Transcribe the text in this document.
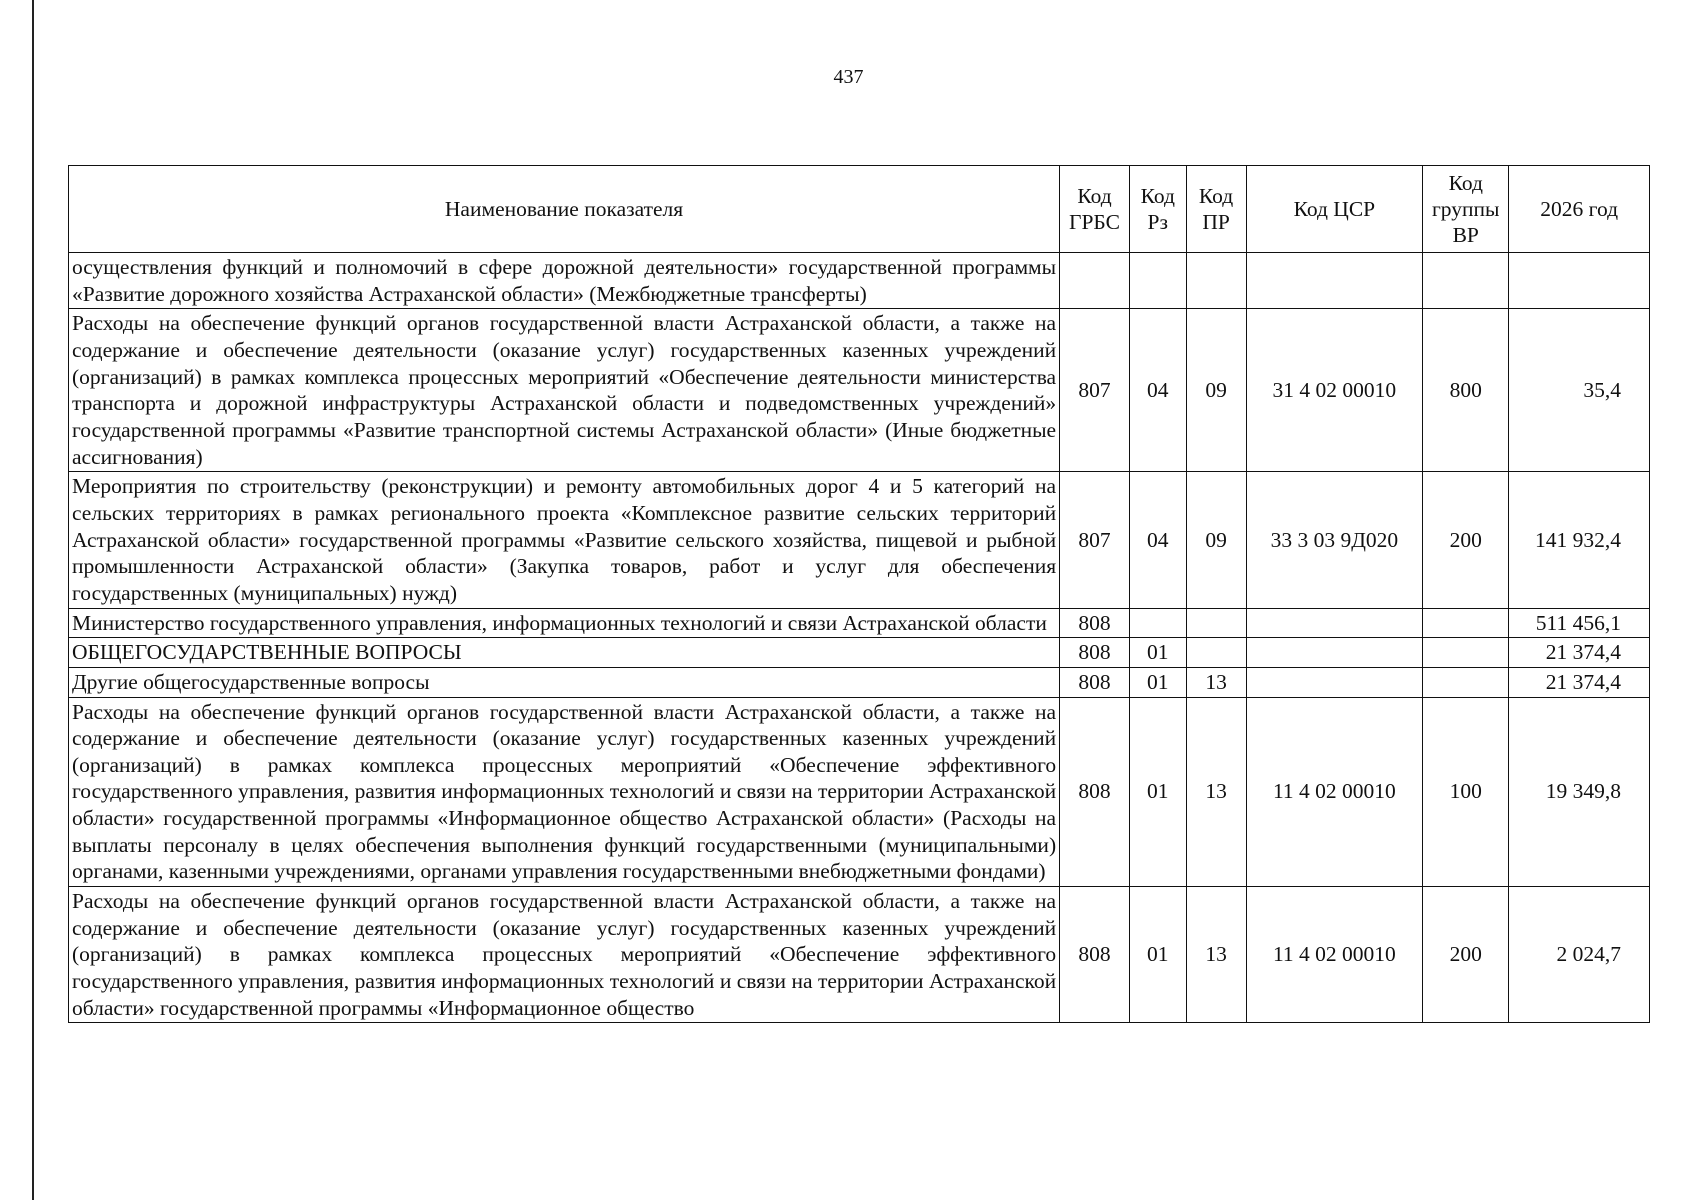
437
Наименование показателя	Код ГРБС	Код Рз	Код ПР	Код ЦСР	Код группы ВР	2026 год
осуществления функций и полномочий в сфере дорожной деятельности» государственной программы «Развитие дорожного хозяйства Астраханской области» (Межбюджетные трансферты)						
Расходы на обеспечение функций органов государственной власти Астраханской области, а также на содержание и обеспечение деятельности (оказание услуг) государственных казенных учреждений (организаций) в рамках комплекса процессных мероприятий «Обеспечение деятельности министерства транспорта и дорожной инфраструктуры Астраханской области и подведомственных учреждений» государственной программы «Развитие транспортной системы Астраханской области» (Иные бюджетные ассигнования)	807	04	09	31 4 02 00010	800	35,4
Мероприятия по строительству (реконструкции) и ремонту автомобильных дорог 4 и 5 категорий на сельских территориях в рамках регионального проекта «Комплексное развитие сельских территорий Астраханской области» государственной программы «Развитие сельского хозяйства, пищевой и рыбной промышленности Астраханской области» (Закупка товаров, работ и услуг для обеспечения государственных (муниципальных) нужд)	807	04	09	33 3 03 9Д020	200	141 932,4
Министерство государственного управления, информационных технологий и связи Астраханской области	808					511 456,1
ОБЩЕГОСУДАРСТВЕННЫЕ ВОПРОСЫ	808	01				21 374,4
Другие общегосударственные вопросы	808	01	13			21 374,4
Расходы на обеспечение функций органов государственной власти Астраханской области, а также на содержание и обеспечение деятельности (оказание услуг) государственных казенных учреждений (организаций) в рамках комплекса процессных мероприятий «Обеспечение эффективного государственного управления, развития информационных технологий и связи на территории Астраханской области» государственной программы «Информационное общество Астраханской области» (Расходы на выплаты персоналу в целях обеспечения выполнения функций государственными (муниципальными) органами, казенными учреждениями, органами управления государственными внебюджетными фондами)	808	01	13	11 4 02 00010	100	19 349,8
Расходы на обеспечение функций органов государственной власти Астраханской области, а также на содержание и обеспечение деятельности (оказание услуг) государственных казенных учреждений (организаций) в рамках комплекса процессных мероприятий «Обеспечение эффективного государственного управления, развития информационных технологий и связи на территории Астраханской области» государственной программы «Информационное общество	808	01	13	11 4 02 00010	200	2 024,7
